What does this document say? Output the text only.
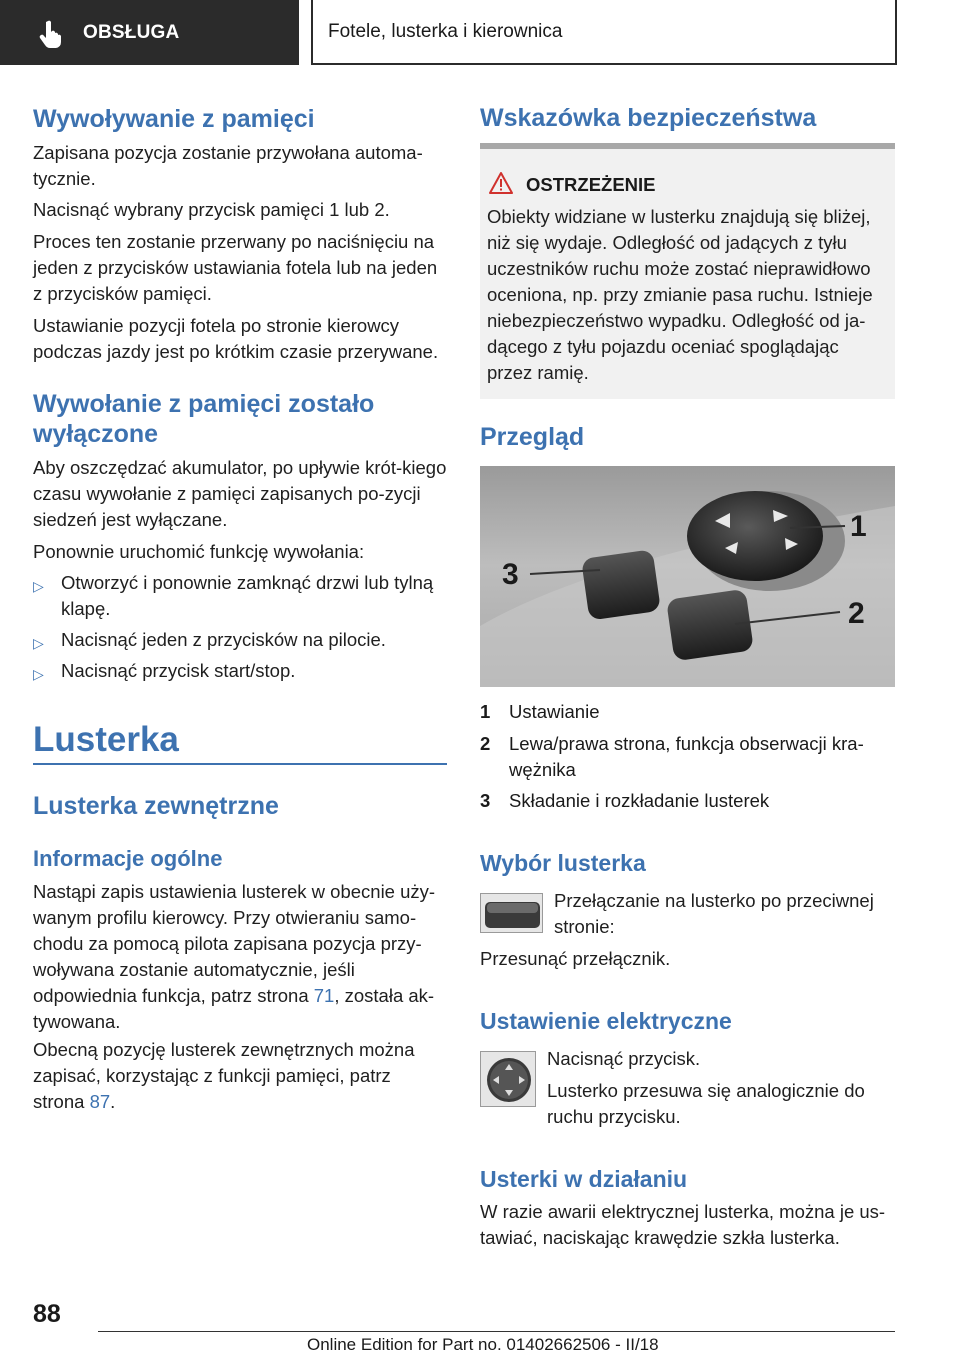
OBSŁUGA	Fotele, lusterka i kierownica
Wywoływanie z pamięci
Zapisana pozycja zostanie przywołana automa-tycznie.
Nacisnąć wybrany przycisk pamięci 1 lub 2.
Proces ten zostanie przerwany po naciśnięciu na jeden z przycisków ustawiania fotela lub na jeden z przycisków pamięci.
Ustawianie pozycji fotela po stronie kierowcy podczas jazdy jest po krótkim czasie przerywane.
Wywołanie z pamięci zostało wyłączone
Aby oszczędzać akumulator, po upływie krót-kiego czasu wywołanie z pamięci zapisanych po-zycji siedzeń jest wyłączane.
Ponownie uruchomić funkcję wywołania:
▷ Otworzyć i ponownie zamknąć drzwi lub tylną klapę.
▷ Nacisnąć jeden z przycisków na pilocie.
▷ Nacisnąć przycisk start/stop.
Lusterka
Lusterka zewnętrzne
Informacje ogólne
Nastąpi zapis ustawienia lusterek w obecnie uży-wanym profilu kierowcy. Przy otwieraniu samo-chodu za pomocą pilota zapisana pozycja przy-woływana zostanie automatycznie, jeśli odpowiednia funkcja, patrz strona 71, została ak-tywowana.
Obecną pozycję lusterek zewnętrznych można zapisać, korzystając z funkcji pamięci, patrz strona 87.
Wskazówka bezpieczeństwa
OSTRZEŻENIE
Obiekty widziane w lusterku znajdują się bliżej, niż się wydaje. Odległość od jadących z tyłu uczestników ruchu może zostać nieprawidłowo oceniona, np. przy zmianie pasa ruchu. Istnieje niebezpieczeństwo wypadku. Odległość od ja-dącego z tyłu pojazdu oceniać spoglądając przez ramię.
Przegląd
1
2
3
1	Ustawianie
2	Lewa/prawa strona, funkcja obserwacji kra-wężnika
3	Składanie i rozkładanie lusterek
Wybór lusterka
Przełączanie na lusterko po przeciwnej stronie:
Przesunąć przełącznik.
Ustawienie elektryczne
Nacisnąć przycisk.
Lusterko przesuwa się analogicznie do ruchu przycisku.
Usterki w działaniu
W razie awarii elektrycznej lusterka, można je us-tawiać, naciskając krawędzie szkła lusterka.
88
Online Edition for Part no. 01402662506 - II/18
